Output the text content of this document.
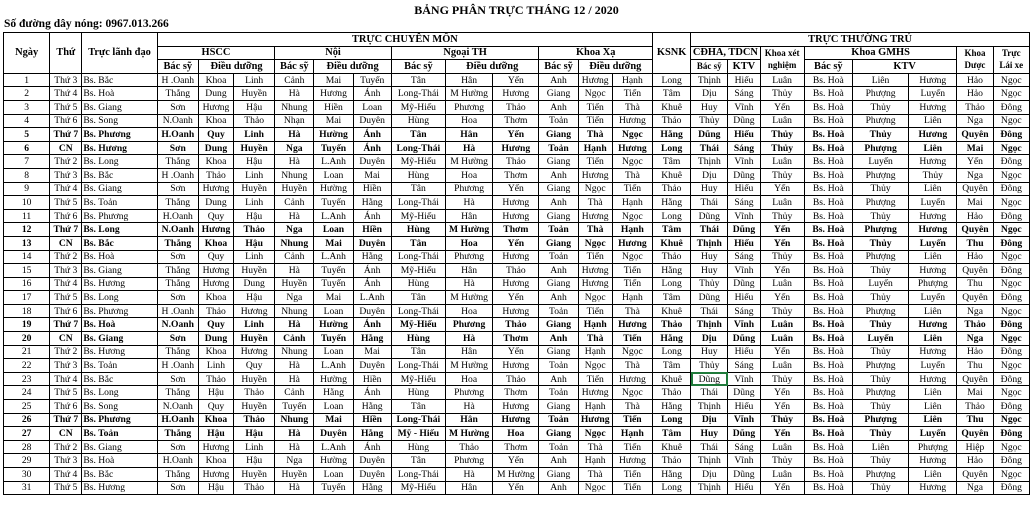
BẢNG PHÂN TRỰC THÁNG 12 / 2020
Số đường dây nóng: 0967.013.266
Ngày	Thứ	Trực lãnh đạo	TRỰC CHUYÊN MÔN												KSNK	TRỰC THƯỜNG TRÚ							
			HSCC			Nội			Ngoại TH			Khoa Xạ				CĐHA, TDCN		Khoa xét nghiệm	Khoa GMHS			Khoa Dược	Trực Lái xe
			Bác sỹ	Điều dưỡng		Bác sỹ	Điều dưỡng		Bác sỹ	Điều dưỡng		Bác sỹ	Điều dưỡng			Bác sỹ	KTV		Bác sỹ	KTV			
1	Thứ 3	Bs. Bắc	H .Oanh	Khoa	Linh	Cảnh	Mai	Tuyến	Tân	Hân	Yến	Anh	Hương	Hạnh	Long	Thịnh	Hiếu	Luân	Bs. Hoà	Liên	Hương	Hảo	Ngọc
2	Thứ 4	Bs. Hoà	Thắng	Dung	Huyền	Hà	Hương	Ánh	Long-Thái	M Hường	Hương	Giang	Ngọc	Tiến	Tâm	Dịu	Sáng	Thủy	Bs. Hoà	Phượng	Luyến	Hảo	Ngọc
3	Thứ 5	Bs. Giang	Sơn	Hương	Hậu	Nhung	Hiền	Loan	Mỹ-Hiếu	Phương	Thảo	Anh	Tiến	Thà	Khuê	Huy	Vĩnh	Yến	Bs. Hoà	Thủy	Hương	Thảo	Đông
4	Thứ 6	Bs. Song	N.Oanh	Khoa	Thảo	Nhạn	Mai	Duyên	Hùng	Hoa	Thơm	Toản	Tiến	Hương	Thảo	Thủy	Dũng	Luân	Bs. Hoà	Phượng	Liên	Nga	Ngọc
5	Thứ 7	Bs. Phương	H.Oanh	Quy	Linh	Hà	Hường	Ánh	Tân	Hân	Yến	Giang	Thà	Ngọc	Hằng	Dũng	Hiếu	Thủy	Bs. Hoà	Thủy	Hương	Quyên	Đông
6	CN	Bs. Hương	Sơn	Dung	Huyền	Nga	Tuyến	Ánh	Long-Thái	Hà	Hương	Toản	Hạnh	Hương	Long	Thái	Sáng	Thủy	Bs. Hoà	Phượng	Liên	Mai	Ngọc
7	Thứ 2	Bs. Long	Thắng	Khoa	Hậu	Hà	L.Anh	Duyên	Mỹ-Hiếu	M Hường	Thảo	Giang	Tiến	Ngọc	Tâm	Thịnh	Vĩnh	Luân	Bs. Hoà	Luyến	Hương	Yến	Đông
8	Thứ 3	Bs. Bắc	H .Oanh	Thảo	Linh	Nhung	Loan	Mai	Hùng	Hoa	Thơm	Anh	Hương	Thà	Khuê	Dịu	Dũng	Thủy	Bs. Hoà	Phượng	Thủy	Nga	Ngọc
9	Thứ 4	Bs. Giang	Sơn	Hương	Huyền	Huyền	Hường	Hiền	Tân	Phương	Yến	Giang	Ngọc	Tiến	Thảo	Huy	Hiếu	Yến	Bs. Hoà	Thủy	Liên	Quyên	Đông
10	Thứ 5	Bs. Toản	Thắng	Dung	Linh	Cảnh	Tuyến	Hằng	Long-Thái	Hà	Hương	Anh	Thà	Hạnh	Hằng	Thái	Sáng	Luân	Bs. Hoà	Phượng	Luyến	Mai	Ngọc
11	Thứ 6	Bs. Phương	H.Oanh	Quy	Hậu	Hà	L.Anh	Ánh	Mỹ-Hiếu	Hân	Hương	Giang	Hương	Ngọc	Long	Dũng	Vĩnh	Thủy	Bs. Hoà	Thủy	Hương	Hảo	Đông
12	Thứ 7	Bs. Long	N.Oanh	Hương	Thảo	Nga	Loan	Hiền	Hùng	M Hường	Thơm	Toản	Thà	Hạnh	Tâm	Thái	Dũng	Yến	Bs. Hoà	Phượng	Hương	Quyên	Ngọc
13	CN	Bs. Bắc	Thắng	Khoa	Hậu	Nhung	Mai	Duyên	Tân	Hoa	Yến	Giang	Ngọc	Hương	Khuê	Thịnh	Hiếu	Yến	Bs. Hoà	Thủy	Luyến	Thu	Đông
14	Thứ 2	Bs. Hoà	Sơn	Quy	Linh	Cảnh	L.Anh	Hằng	Long-Thái	Phương	Hương	Toản	Tiến	Ngọc	Thảo	Huy	Sáng	Thủy	Bs. Hoà	Phượng	Liên	Hảo	Ngọc
15	Thứ 3	Bs. Giang	Thắng	Hương	Huyền	Hà	Tuyến	Ánh	Mỹ-Hiếu	Hân	Thảo	Anh	Hương	Tiến	Hằng	Huy	Vĩnh	Yến	Bs. Hoà	Thủy	Hương	Quyên	Đông
16	Thứ 4	Bs. Hương	Thắng	Hương	Dung	Huyền	Tuyến	Ánh	Hùng	Hà	Hương	Giang	Hương	Tiến	Long	Thủy	Dũng	Luân	Bs. Hoà	Luyến	Phượng	Thu	Ngọc
17	Thứ 5	Bs. Long	Sơn	Khoa	Hậu	Nga	Mai	L.Anh	Tân	M Hường	Yến	Anh	Ngọc	Hạnh	Tâm	Dũng	Hiếu	Yến	Bs. Hoà	Thủy	Luyến	Quyên	Đông
18	Thứ 6	Bs. Phương	H .Oanh	Thảo	Hương	Nhung	Loan	Duyên	Long-Thái	Hoa	Hương	Toản	Tiến	Thà	Khuê	Thái	Sáng	Thủy	Bs. Hoà	Phượng	Liên	Nga	Ngọc
19	Thứ 7	Bs. Hoà	N.Oanh	Quy	Linh	Hà	Hường	Ánh	Mỹ-Hiếu	Phương	Thảo	Giang	Hạnh	Hương	Thảo	Thịnh	Vĩnh	Luân	Bs. Hoà	Thủy	Hương	Thảo	Đông
20	CN	Bs. Giang	Sơn	Dung	Huyền	Cảnh	Tuyến	Hằng	Hùng	Hà	Thơm	Anh	Thà	Tiến	Hằng	Dịu	Dũng	Luân	Bs. Hoà	Luyến	Liên	Nga	Ngọc
21	Thứ 2	Bs. Hương	Thắng	Khoa	Hương	Nhung	Loan	Mai	Tân	Hân	Yến	Giang	Hạnh	Ngọc	Long	Huy	Hiếu	Yến	Bs. Hoà	Thủy	Hương	Hảo	Đông
22	Thứ 3	Bs. Toản	H .Oanh	Linh	Quy	Hà	L.Anh	Duyên	Long-Thái	M Hường	Hương	Toản	Ngọc	Thà	Tâm	Thủy	Sáng	Luân	Bs. Hoà	Phượng	Luyến	Thu	Ngọc
23	Thứ 4	Bs. Bắc	Sơn	Thảo	Huyền	Hà	Hường	Hiền	Mỹ-Hiếu	Hoa	Thảo	Anh	Tiến	Hương	Khuê	Dũng	Vĩnh	Thủy	Bs. Hoà	Thủy	Hương	Quyên	Đông
24	Thứ 5	Bs. Long	Thắng	Hậu	Thảo	Cảnh	Hằng	Ánh	Hùng	Phương	Thơm	Toản	Hương	Ngọc	Thảo	Thái	Dũng	Yến	Bs. Hoà	Phượng	Liên	Mai	Ngọc
25	Thứ 6	Bs. Song	N.Oanh	Quy	Huyền	Tuyến	Loan	Hằng	Tân	Hà	Hương	Giang	Hạnh	Thà	Hằng	Thịnh	Hiếu	Yến	Bs. Hoà	Thủy	Liên	Thảo	Đông
26	Thứ 7	Bs. Phương	H.Oanh	Khoa	Thảo	Nhung	Mai	Hiền	Long-Thái	Hân	Hương	Toản	Hương	Tiến	Long	Dịu	Vĩnh	Thủy	Bs. Hoà	Phượng	Liên	Thu	Ngọc
27	CN	Bs. Toản	Thắng	Hậu	Hậu	Hà	Duyên	Hằng	Mỹ - Hiếu	M Hường	Hoa	Giang	Ngọc	Hạnh	Tâm	Huy	Dũng	Yến	Bs. Hoà	Thủy	Luyến	Quyên	Đông
28	Thứ 2	Bs. Giang	Sơn	Hương	Linh	Hà	L.Anh	Ánh	Hùng	Thảo	Thơm	Toản	Thà	Tiến	Khuê	Thái	Sáng	Luân	Bs. Hoà	Liên	Phượng	Hiệp	Ngọc
29	Thứ 3	Bs. Hoà	H.Oanh	Khoa	Hậu	Nga	Hường	Duyên	Tân	Phương	Yến	Anh	Hạnh	Hương	Thảo	Thịnh	Vĩnh	Thủy	Bs. Hoà	Thủy	Hương	Hảo	Đông
30	Thứ 4	Bs. Bắc	Thắng	Hương	Huyền	Huyền	Loan	Duyên	Long-Thái	Hà	M Hường	Giang	Thà	Tiến	Hằng	Dịu	Dũng	Luân	Bs. Hoà	Phượng	Liên	Quyên	Ngọc
31	Thứ 5	Bs. Hương	Sơn	Hậu	Thảo	Hà	Tuyến	Hằng	Mỹ-Hiếu	Hân	Yến	Anh	Ngọc	Tiến	Long	Thịnh	Hiếu	Yến	Bs. Hoà	Thủy	Hương	Nga	Đông
